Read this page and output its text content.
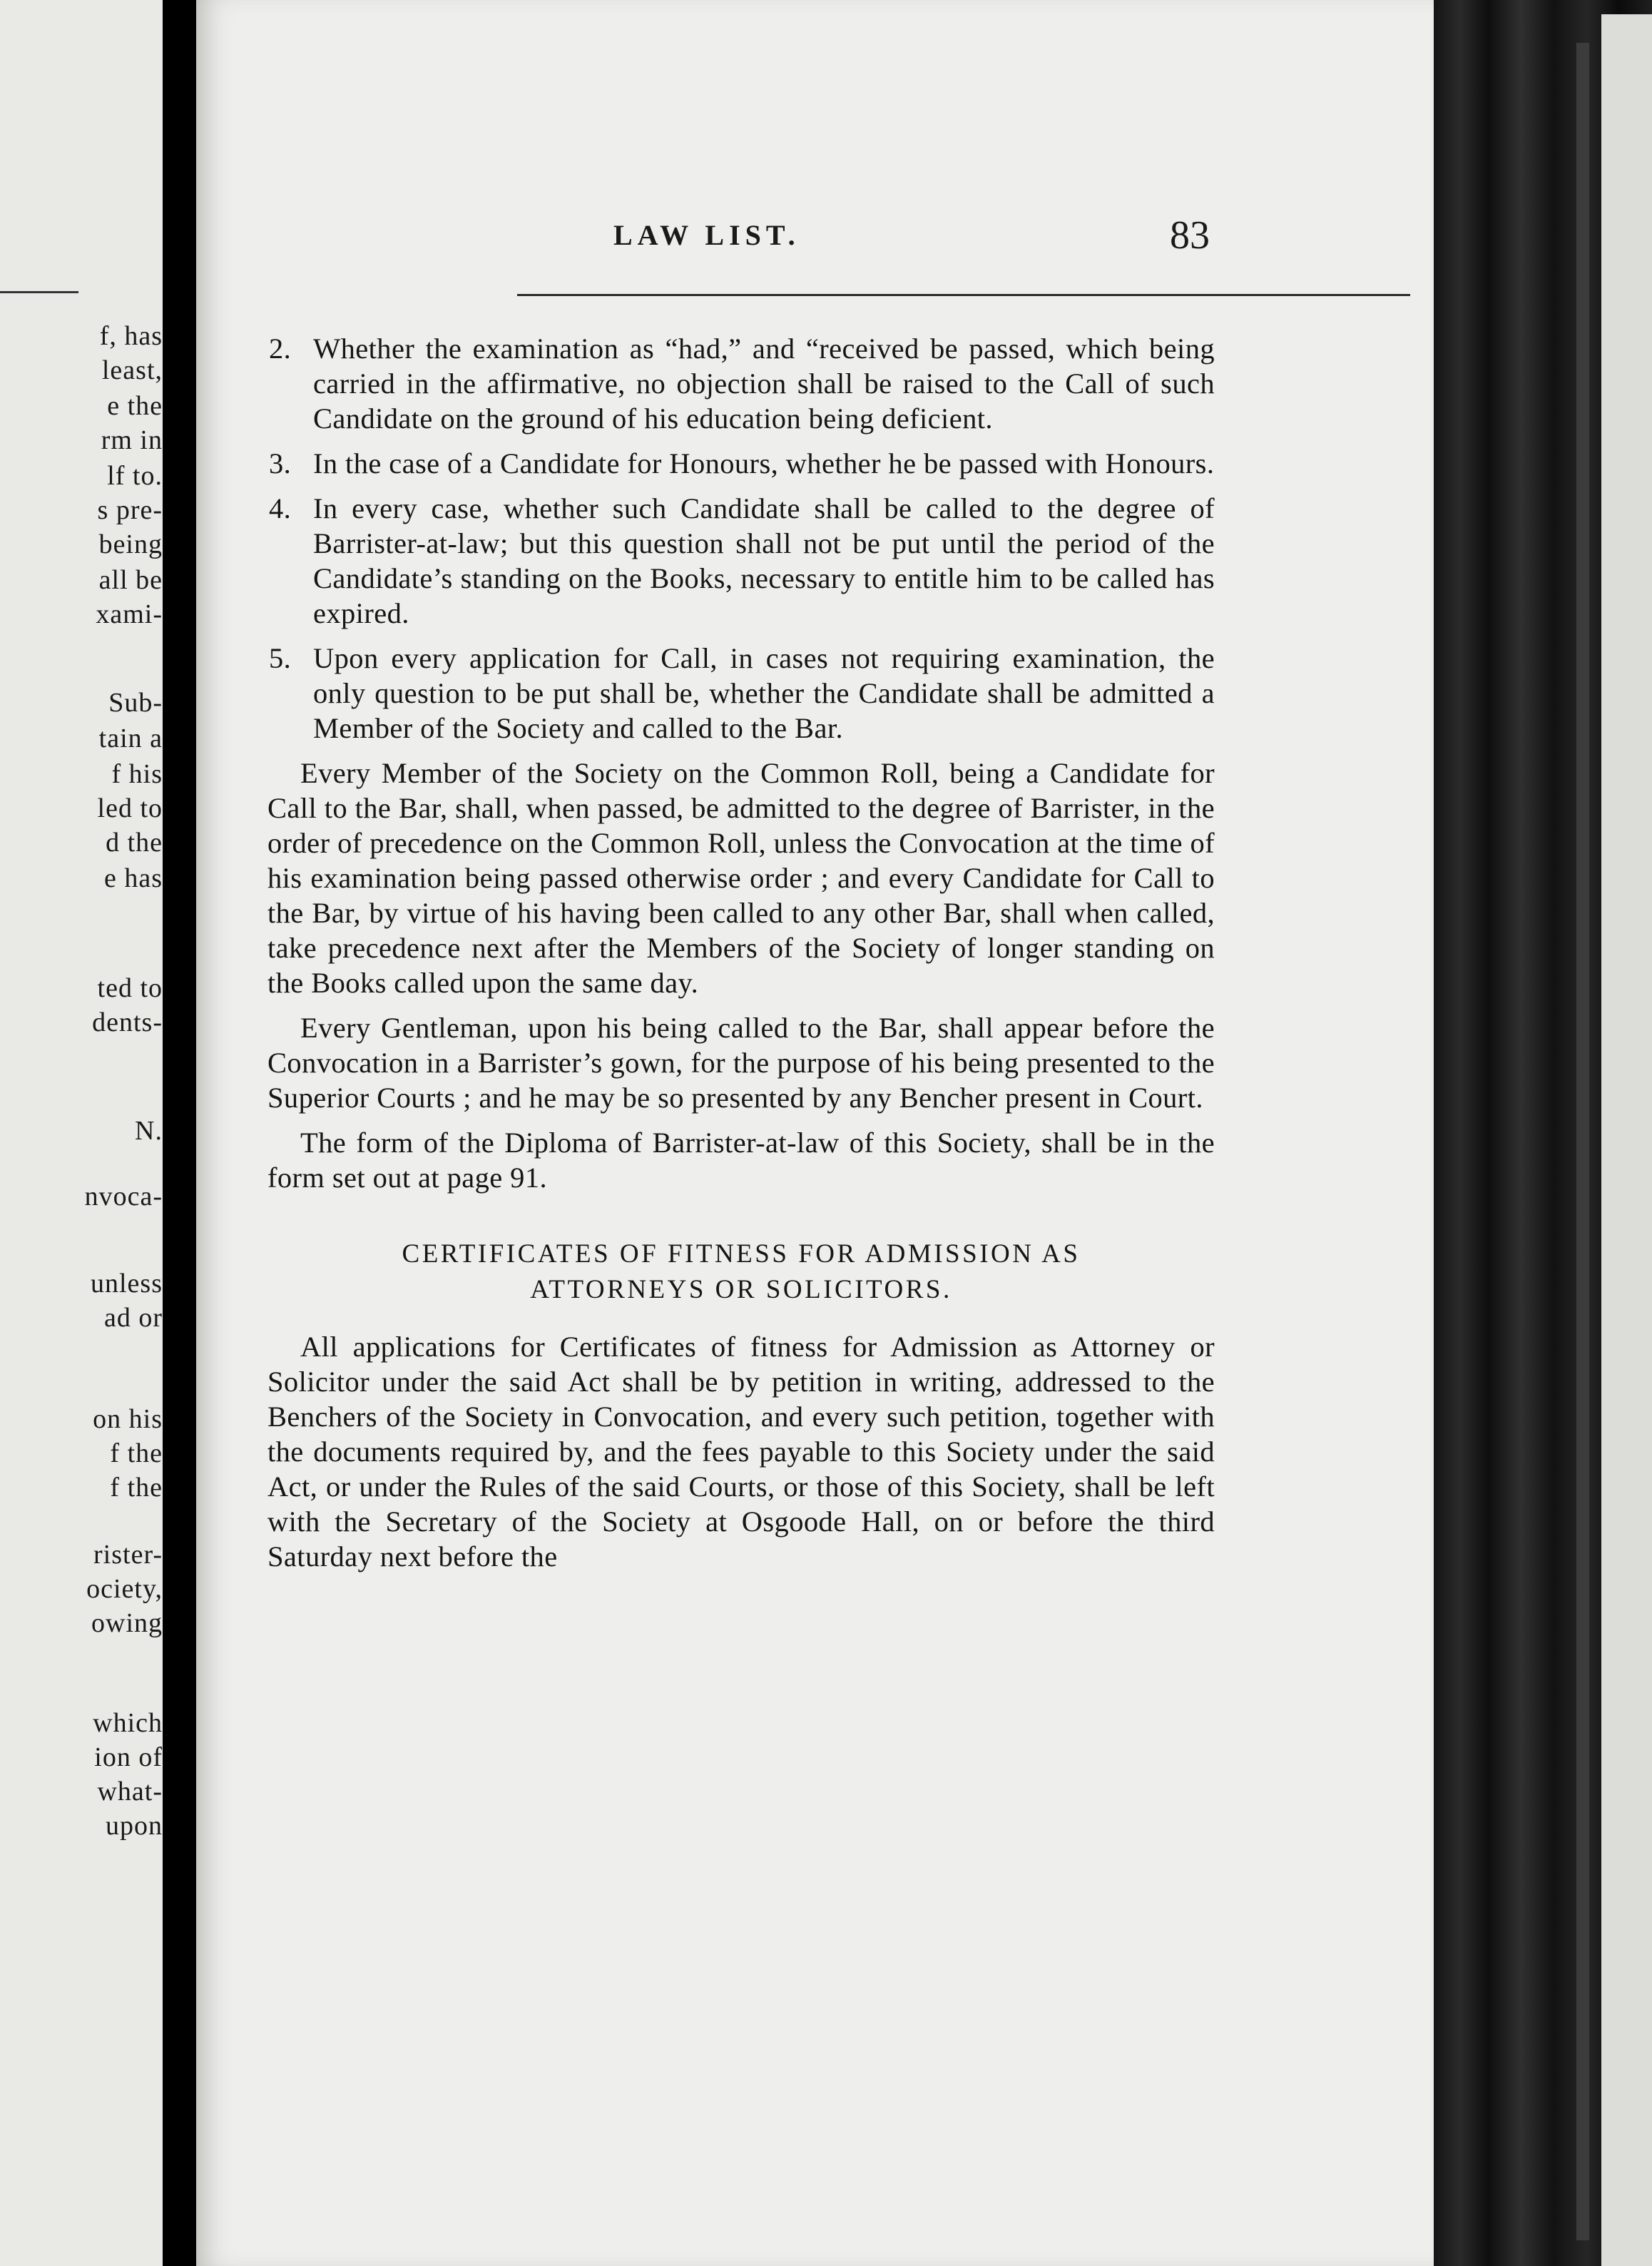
f, has
least,
e the
rm in
lf to.
s pre-
being
all be
xami-
Sub-
tain a
f his
led to
d the
e has
ted to
dents-
N.
nvoca-
unless
ad or
on his
f the
f the
rister-
ociety,
owing
which
ion of
what-
upon
LAW LIST.	83
2. Whether the examination as “had,” and “received be passed, which being carried in the affirmative, no objection shall be raised to the Call of such Candidate on the ground of his education being deficient.
3. In the case of a Candidate for Honours, whether he be passed with Honours.
4. In every case, whether such Candidate shall be called to the degree of Barrister-at-law; but this question shall not be put until the period of the Candidate’s standing on the Books, necessary to entitle him to be called has expired.
5. Upon every application for Call, in cases not requiring examination, the only question to be put shall be, whether the Candidate shall be admitted a Member of the Society and called to the Bar.

Every Member of the Society on the Common Roll, being a Candidate for Call to the Bar, shall, when passed, be admitted to the degree of Barrister, in the order of precedence on the Common Roll, unless the Convocation at the time of his examination being passed otherwise order ; and every Candidate for Call to the Bar, by virtue of his having been called to any other Bar, shall when called, take precedence next after the Members of the Society of longer standing on the Books called upon the same day.

Every Gentleman, upon his being called to the Bar, shall appear before the Convocation in a Barrister’s gown, for the purpose of his being presented to the Superior Courts ; and he may be so presented by any Bencher present in Court.

The form of the Diploma of Barrister-at-law of this Society, shall be in the form set out at page 91.

CERTIFICATES OF FITNESS FOR ADMISSION AS
ATTORNEYS OR SOLICITORS.

All applications for Certificates of fitness for Admission as Attorney or Solicitor under the said Act shall be by petition in writing, addressed to the Benchers of the Society in Convocation, and every such petition, together with the documents required by, and the fees payable to this Society under the said Act, or under the Rules of the said Courts, or those of this Society, shall be left with the Secretary of the Society at Osgoode Hall, on or before the third Saturday next before the
